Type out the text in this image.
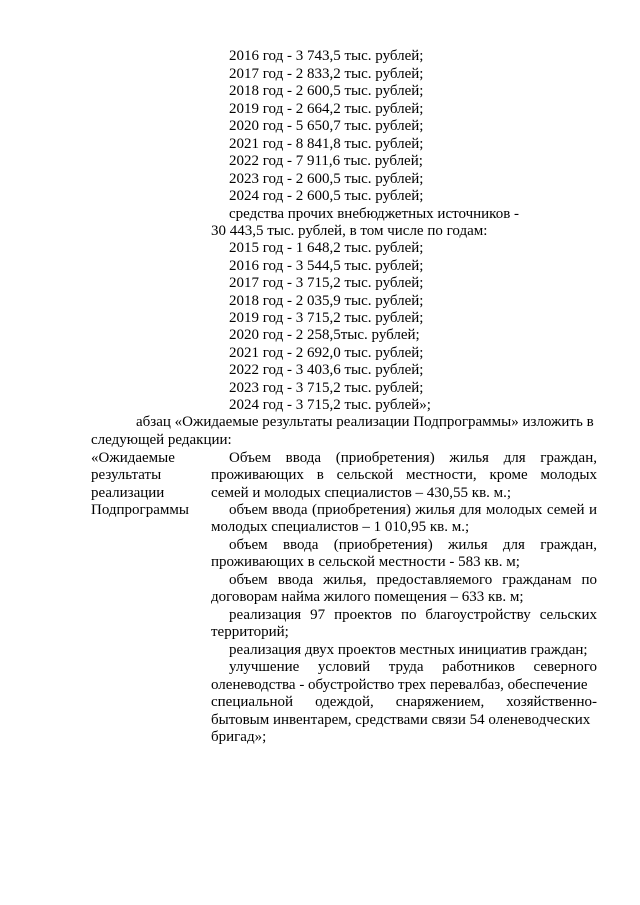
2016 год - 3 743,5 тыс. рублей;
2017 год - 2 833,2 тыс. рублей;
2018 год - 2 600,5 тыс. рублей;
2019 год - 2 664,2 тыс. рублей;
2020 год - 5 650,7 тыс. рублей;
2021 год - 8 841,8 тыс. рублей;
2022 год - 7 911,6 тыс. рублей;
2023 год - 2 600,5 тыс. рублей;
2024 год - 2 600,5 тыс. рублей;
средства прочих внебюджетных источников -
30 443,5 тыс. рублей, в том числе по годам:
2015 год - 1 648,2 тыс. рублей;
2016 год - 3 544,5 тыс. рублей;
2017 год - 3 715,2 тыс. рублей;
2018 год - 2 035,9 тыс. рублей;
2019 год - 3 715,2 тыс. рублей;
2020 год - 2 258,5тыс. рублей;
2021 год - 2 692,0 тыс. рублей;
2022 год - 3 403,6 тыс. рублей;
2023 год - 3 715,2 тыс. рублей;
2024 год - 3 715,2 тыс. рублей»;
абзац «Ожидаемые результаты реализации Подпрограммы» изложить в
следующей редакции:
«Ожидаемые
результаты
реализации
Подпрограммы
Объем ввода (приобретения) жилья для граждан,
проживающих в сельской местности, кроме молодых
семей и молодых специалистов – 430,55 кв. м.;
объем ввода (приобретения) жилья для молодых семей и
молодых специалистов – 1 010,95 кв. м.;
объем ввода (приобретения) жилья для граждан,
проживающих в сельской местности - 583 кв. м;
объем ввода жилья, предоставляемого гражданам по
договорам найма жилого помещения – 633 кв. м;
реализация 97 проектов по благоустройству сельских
территорий;
реализация двух проектов местных инициатив граждан;
улучшение условий труда работников северного
оленеводства - обустройство трех перевалбаз, обеспечение
специальной одеждой, снаряжением, хозяйственно-
бытовым инвентарем, средствами связи 54 оленеводческих
бригад»;
